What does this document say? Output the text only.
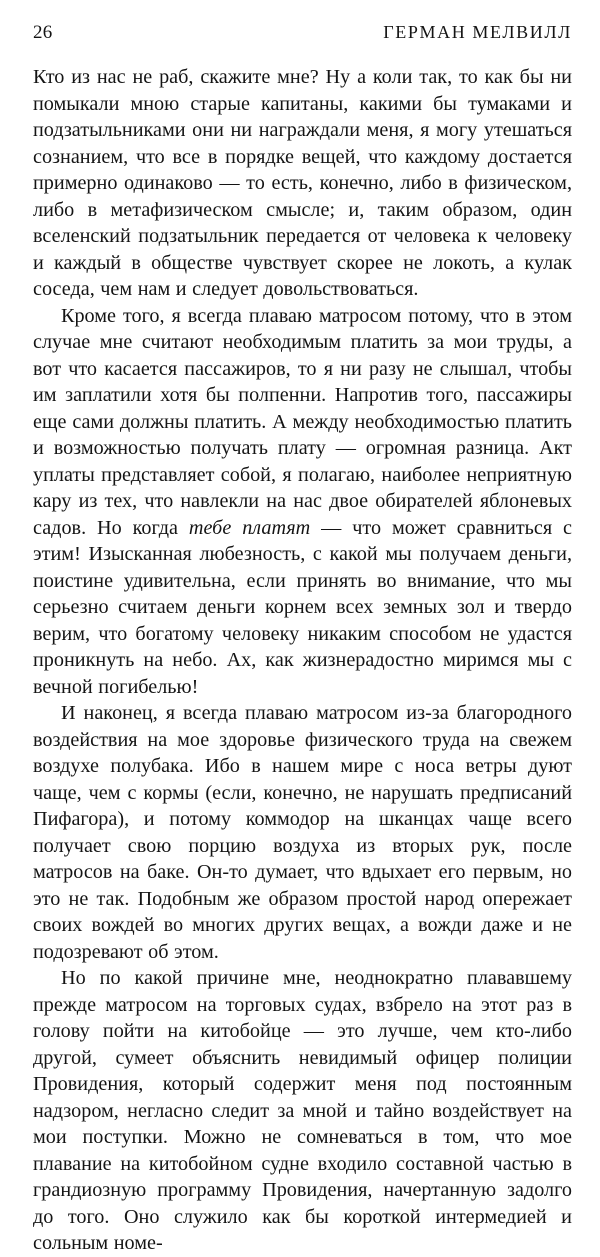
26	ГЕРМАН МЕЛВИЛЛ

Кто из нас не раб, скажите мне? Ну а коли так, то как бы ни помыкали мною старые капитаны, какими бы тумаками и подзатыльниками они ни награждали меня, я могу утешаться сознанием, что все в порядке вещей, что каждому достается примерно одинаково — то есть, конечно, либо в физическом, либо в метафизическом смысле; и, таким образом, один вселенский подзатыльник передается от человека к человеку и каждый в обществе чувствует скорее не локоть, а кулак соседа, чем нам и следует довольствоваться.

Кроме того, я всегда плаваю матросом потому, что в этом случае мне считают необходимым платить за мои труды, а вот что касается пассажиров, то я ни разу не слышал, чтобы им заплатили хотя бы полпенни. Напротив того, пассажиры еще сами должны платить. А между необходимостью платить и возможностью получать плату — огромная разница. Акт уплаты представляет собой, я полагаю, наиболее неприятную кару из тех, что навлекли на нас двое обирателей яблоневых садов. Но когда тебе платят — что может сравниться с этим! Изысканная любезность, с какой мы получаем деньги, поистине удивительна, если принять во внимание, что мы серьезно считаем деньги корнем всех земных зол и твердо верим, что богатому человеку никаким способом не удастся проникнуть на небо. Ах, как жизнерадостно миримся мы с вечной погибелью!

И наконец, я всегда плаваю матросом из-за благородного воздействия на мое здоровье физического труда на свежем воздухе полубака. Ибо в нашем мире с носа ветры дуют чаще, чем с кормы (если, конечно, не нарушать предписаний Пифагора), и потому коммодор на шканцах чаще всего получает свою порцию воздуха из вторых рук, после матросов на баке. Он-то думает, что вдыхает его первым, но это не так. Подобным же образом простой народ опережает своих вождей во многих других вещах, а вожди даже и не подозревают об этом.

Но по какой причине мне, неоднократно плававшему прежде матросом на торговых судах, взбрело на этот раз в голову пойти на китобойце — это лучше, чем кто-либо другой, сумеет объяснить невидимый офицер полиции Провидения, который содержит меня под постоянным надзором, негласно следит за мной и тайно воздействует на мои поступки. Можно не сомневаться в том, что мое плавание на китобойном судне входило составной частью в грандиозную программу Провидения, начертанную задолго до того. Оно служило как бы короткой интермедией и сольным номе-
